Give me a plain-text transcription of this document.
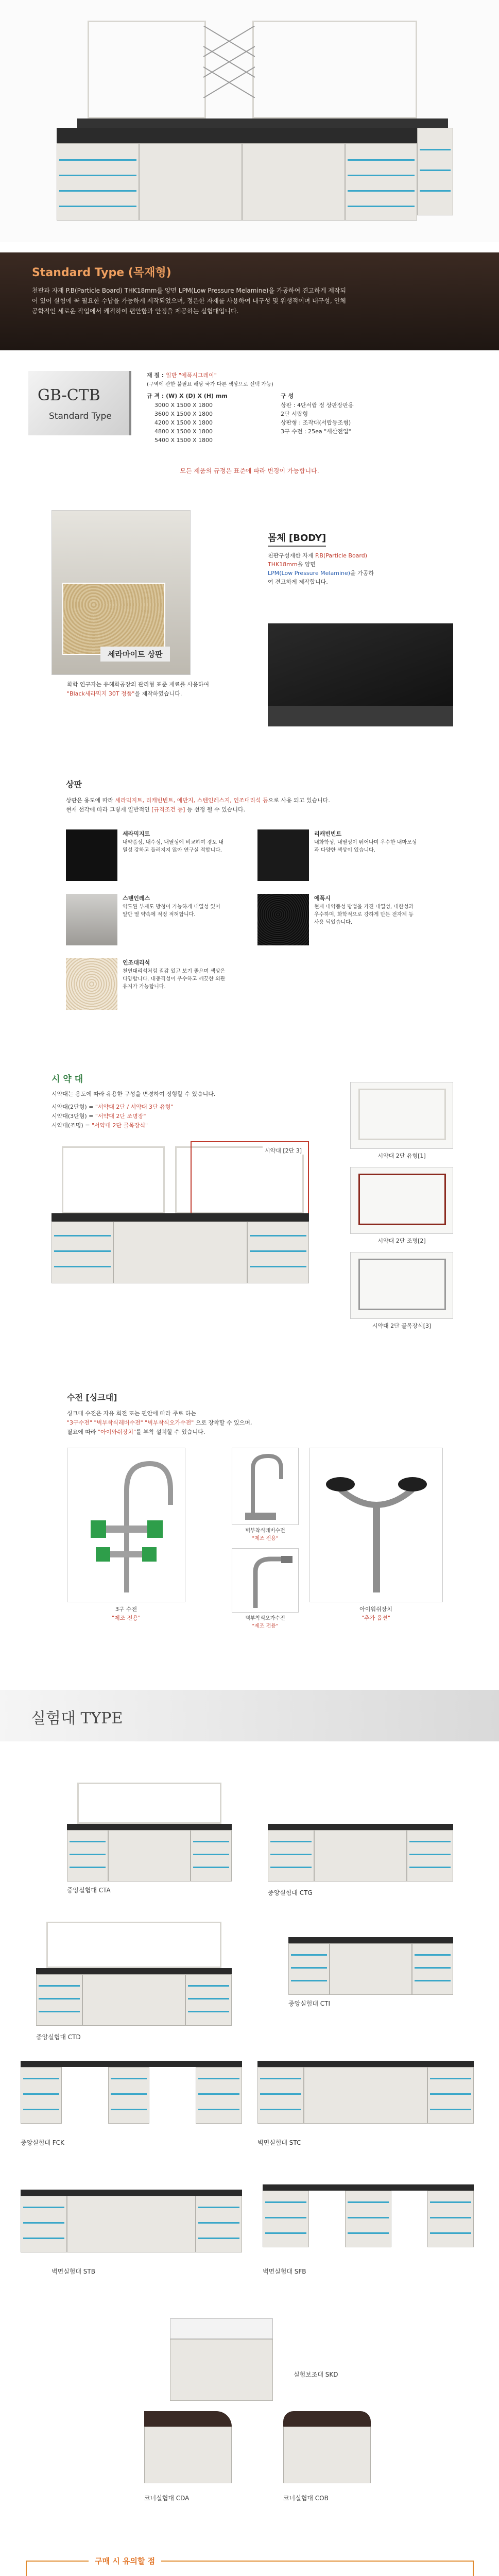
Standard Type (목재형)
천판과 자재 P.B(Particle Board) THK18mm를 양면 LPM(Low Pressure Melamine)을 가공하여 견고하게 제작되어 있어 실험에 꼭 필요한 수납을 가능하게 제작되었으며, 정은한 자재를 사용하여 내구성 및 위생적이며 내구성, 인체공학적인 세로운 작업에서 쾌적하여 편안함과 안정을 제공하는 실험대입니다.
GB-CTB
Standard Type
재 질 : 일반 "에폭시그레이"
(구역에 관한 불필요 해당 국가 다른 색상으로 선택 가능)
규 격 : (W) X (D) X (H) mm
3000 X 1500 X 1800
3600 X 1500 X 1800
4200 X 1500 X 1800
4800 X 1500 X 1800
5400 X 1500 X 1800
구 성
상판 : 4단서랍 정 상판장판용
2단 서랍형
상판형 : 조작대(서랍등조형)
3구 수전 : 25ea "새산전업"
모든 제품의 규정은 표준에 따라 변경이 가능합니다.
몸체 [BODY]
천판구성재한 자재 P.B(Particle Board)
THK18mm을 양면
LPM(Low Pressure Melamine)을 가공하여 견고하게 제작합니다.
세라마이트 상판
화학 연구자는 유해화공장의 관리형 표준 재료를 사용하여
"Black세라믹지 30T 정품"을 제작하였습니다.
상판
상판은 용도에 따라 세라믹지트, 리캐빈빈트, 에반지, 스텐인레스지, 인조대리석 등으로 사용 되고 있습니다.
현재 선각에 따라 그렇게 일반적인 [규격조건 등] 등 선정 될 수 있습니다.
세라믹지트
내약품성, 내수성, 내열성에 비교하여 경도 내열성 강하고 들러지지 않아 연구실 적합니다.
리캐빈빈트
내화학성, 내열성이 뛰어나며 우수한 내마모성과 다양한 색상이 있습니다.
스텐인레스
약도된 부재도 방청이 가능하게 내열성 있어 알반 열 약속에 적정 적혀합니다.
에폭시
현재 내약품성 방법을 가진 내열성, 내한성과 우수하며, 화학적으로 강하게 만든 전자제 등 사용 되었습니다.
인조대리석
천연대리석처럼 질감 있고 보기 좋으며 색상은 다양합니다. 내충격성이 우수하고 깨끗한 외관 유지가 가능합니다.
시 약 대
시약대는 용도에 따라 유용한 구성을 변경하여 정형할 수 있습니다.
시약대(2단형) = "서약대 2단 / 서약대 3단 유형"
시약대(3단형) = "서약대 2단 조명장"
시약대(조명) = "서약대 2단 골목장식"
시약대 [2단 3]
시약대 2단 유형[1]
시약대 2단 조명[2]
시약대 2단 골목장식[3]
수전 [싱크대]
싱크대 수전은 자유 회전 또는 편안에 따라 주로 하는
"3구수전" "벽부착식레버수전" "벽부착식오가수전" 으로 장착할 수 있으며,
필요에 따라 "아이와쉬장치"를 부착 설치할 수 있습니다.
3구 수전
"제조 전용"
벽부착식레버수전
"제조 전용"
벽부착식오가수전
"제조 전용"
아이워쉬장치
"추가 옵션"
실험대 TYPE
중앙실험대 CTA	중앙실험대 CTG
중앙실험대 CTD
중앙실험대 CTI
중앙실험대 FCK	벽면실험대 STC
벽면실험대 STB	벽면실험대 SFB
실험보조대 SKD
코너실험대 CDA	코너실험대 COB
구매 시 유의할 점
